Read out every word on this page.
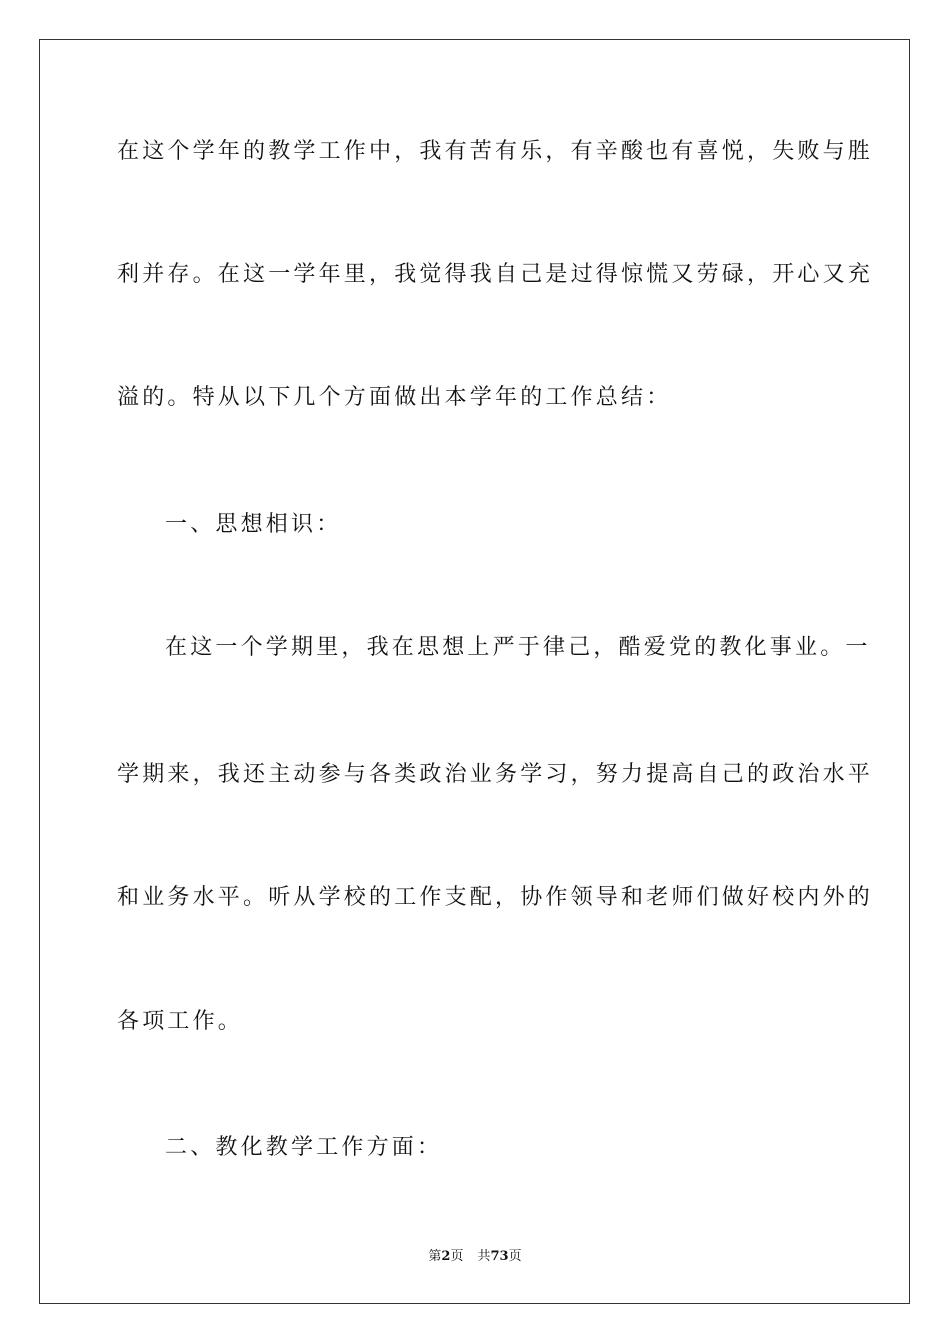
在这个学年的教学工作中，我有苦有乐，有辛酸也有喜悦，失败与胜
利并存。在这一学年里，我觉得我自己是过得惊慌又劳碌，开心又充
溢的。特从以下几个方面做出本学年的工作总结：
一、思想相识：
在这一个学期里，我在思想上严于律己，酷爱党的教化事业。一
学期来，我还主动参与各类政治业务学习，努力提高自己的政治水平
和业务水平。听从学校的工作支配，协作领导和老师们做好校内外的
各项工作。
二、教化教学工作方面：
第2页 共73页
